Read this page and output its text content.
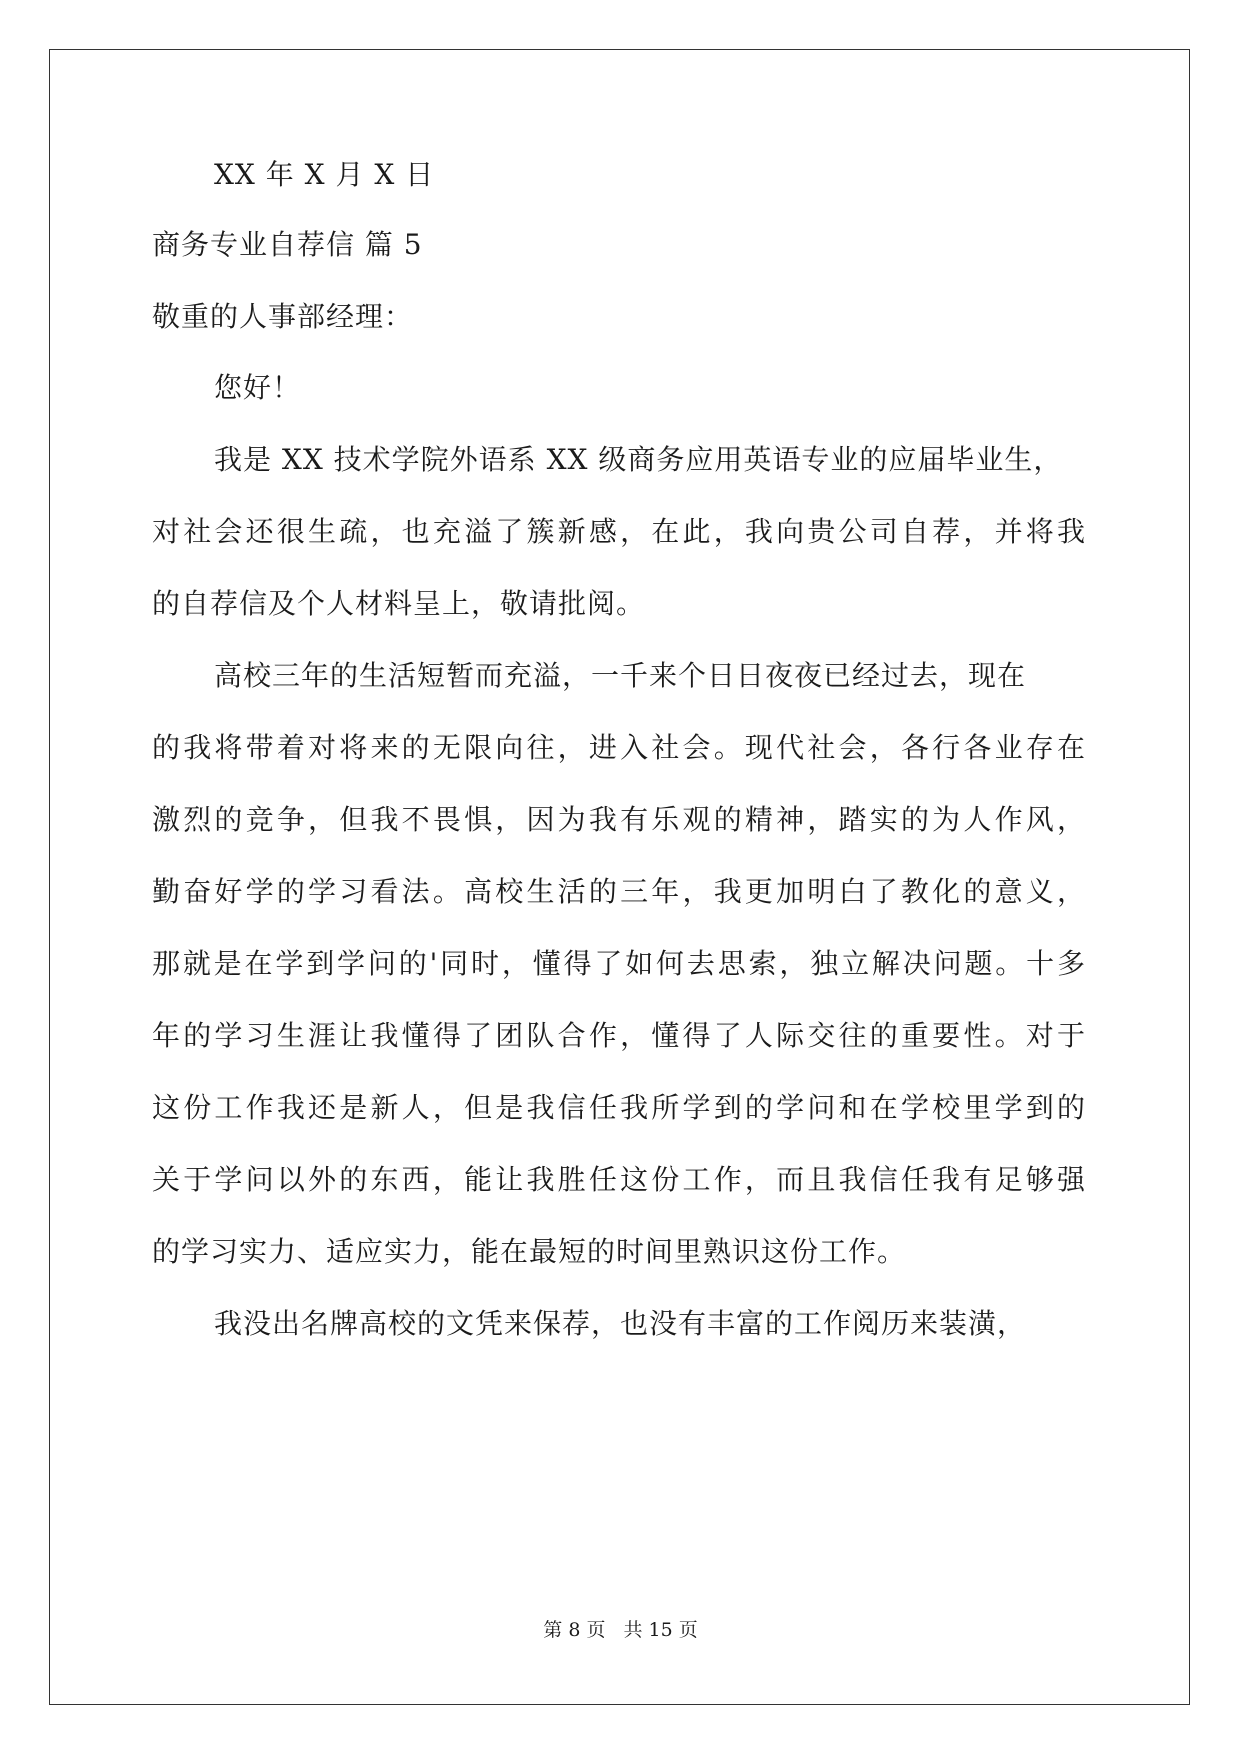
XX 年 X 月 X 日
商务专业自荐信 篇 5
敬重的人事部经理：
您好！
我是 XX 技术学院外语系 XX 级商务应用英语专业的应届毕业生，
对社会还很生疏，也充溢了簇新感，在此，我向贵公司自荐，并将我
的自荐信及个人材料呈上，敬请批阅。
高校三年的生活短暂而充溢，一千来个日日夜夜已经过去，现在
的我将带着对将来的无限向往，进入社会。现代社会，各行各业存在
激烈的竞争，但我不畏惧，因为我有乐观的精神，踏实的为人作风，
勤奋好学的学习看法。高校生活的三年，我更加明白了教化的意义，
那就是在学到学问的'同时，懂得了如何去思索，独立解决问题。十多
年的学习生涯让我懂得了团队合作，懂得了人际交往的重要性。对于
这份工作我还是新人，但是我信任我所学到的学问和在学校里学到的
关于学问以外的东西，能让我胜任这份工作，而且我信任我有足够强
的学习实力、适应实力，能在最短的时间里熟识这份工作。
我没出名牌高校的文凭来保荐，也没有丰富的工作阅历来装潢，
第 8 页 共 15 页
